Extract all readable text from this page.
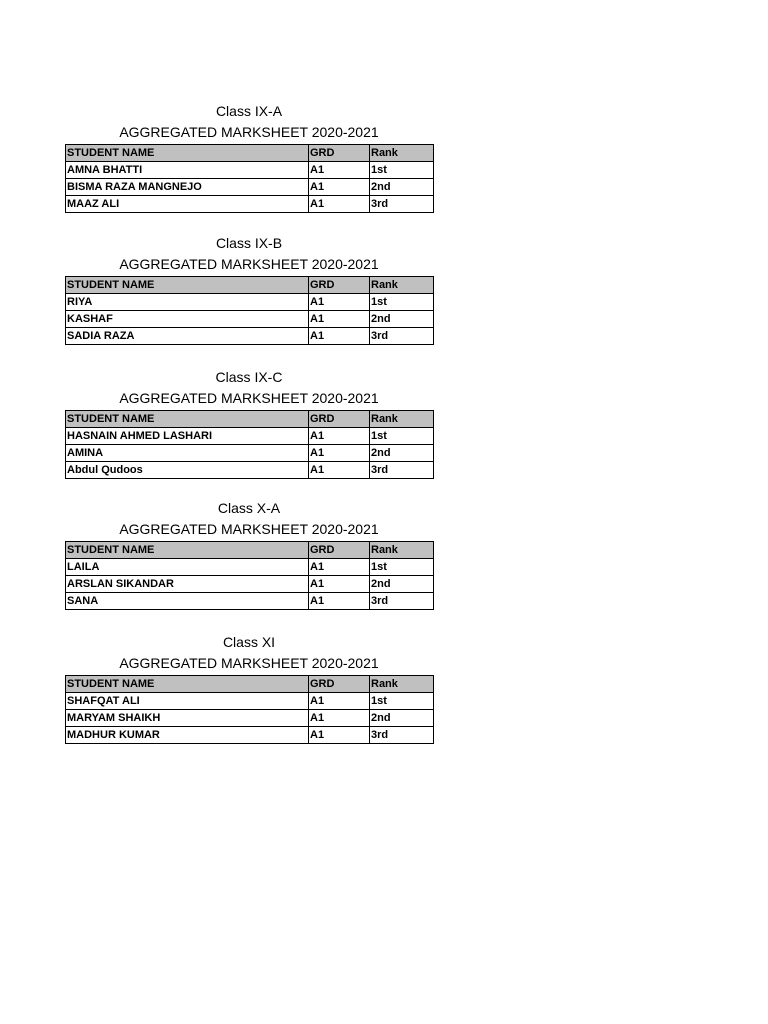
Class IX-A
AGGREGATED MARKSHEET 2020-2021
STUDENT NAME	GRD	Rank
AMNA BHATTI	A1	1st
BISMA RAZA MANGNEJO	A1	2nd
MAAZ ALI	A1	3rd
Class IX-B
AGGREGATED MARKSHEET 2020-2021
STUDENT NAME	GRD	Rank
RIYA	A1	1st
KASHAF	A1	2nd
SADIA RAZA	A1	3rd
Class IX-C
AGGREGATED MARKSHEET 2020-2021
STUDENT NAME	GRD	Rank
HASNAIN AHMED LASHARI	A1	1st
AMINA	A1	2nd
Abdul Qudoos	A1	3rd
Class X-A
AGGREGATED MARKSHEET 2020-2021
STUDENT NAME	GRD	Rank
LAILA	A1	1st
ARSLAN SIKANDAR	A1	2nd
SANA	A1	3rd
Class XI
AGGREGATED MARKSHEET 2020-2021
STUDENT NAME	GRD	Rank
SHAFQAT ALI	A1	1st
MARYAM SHAIKH	A1	2nd
MADHUR KUMAR	A1	3rd
